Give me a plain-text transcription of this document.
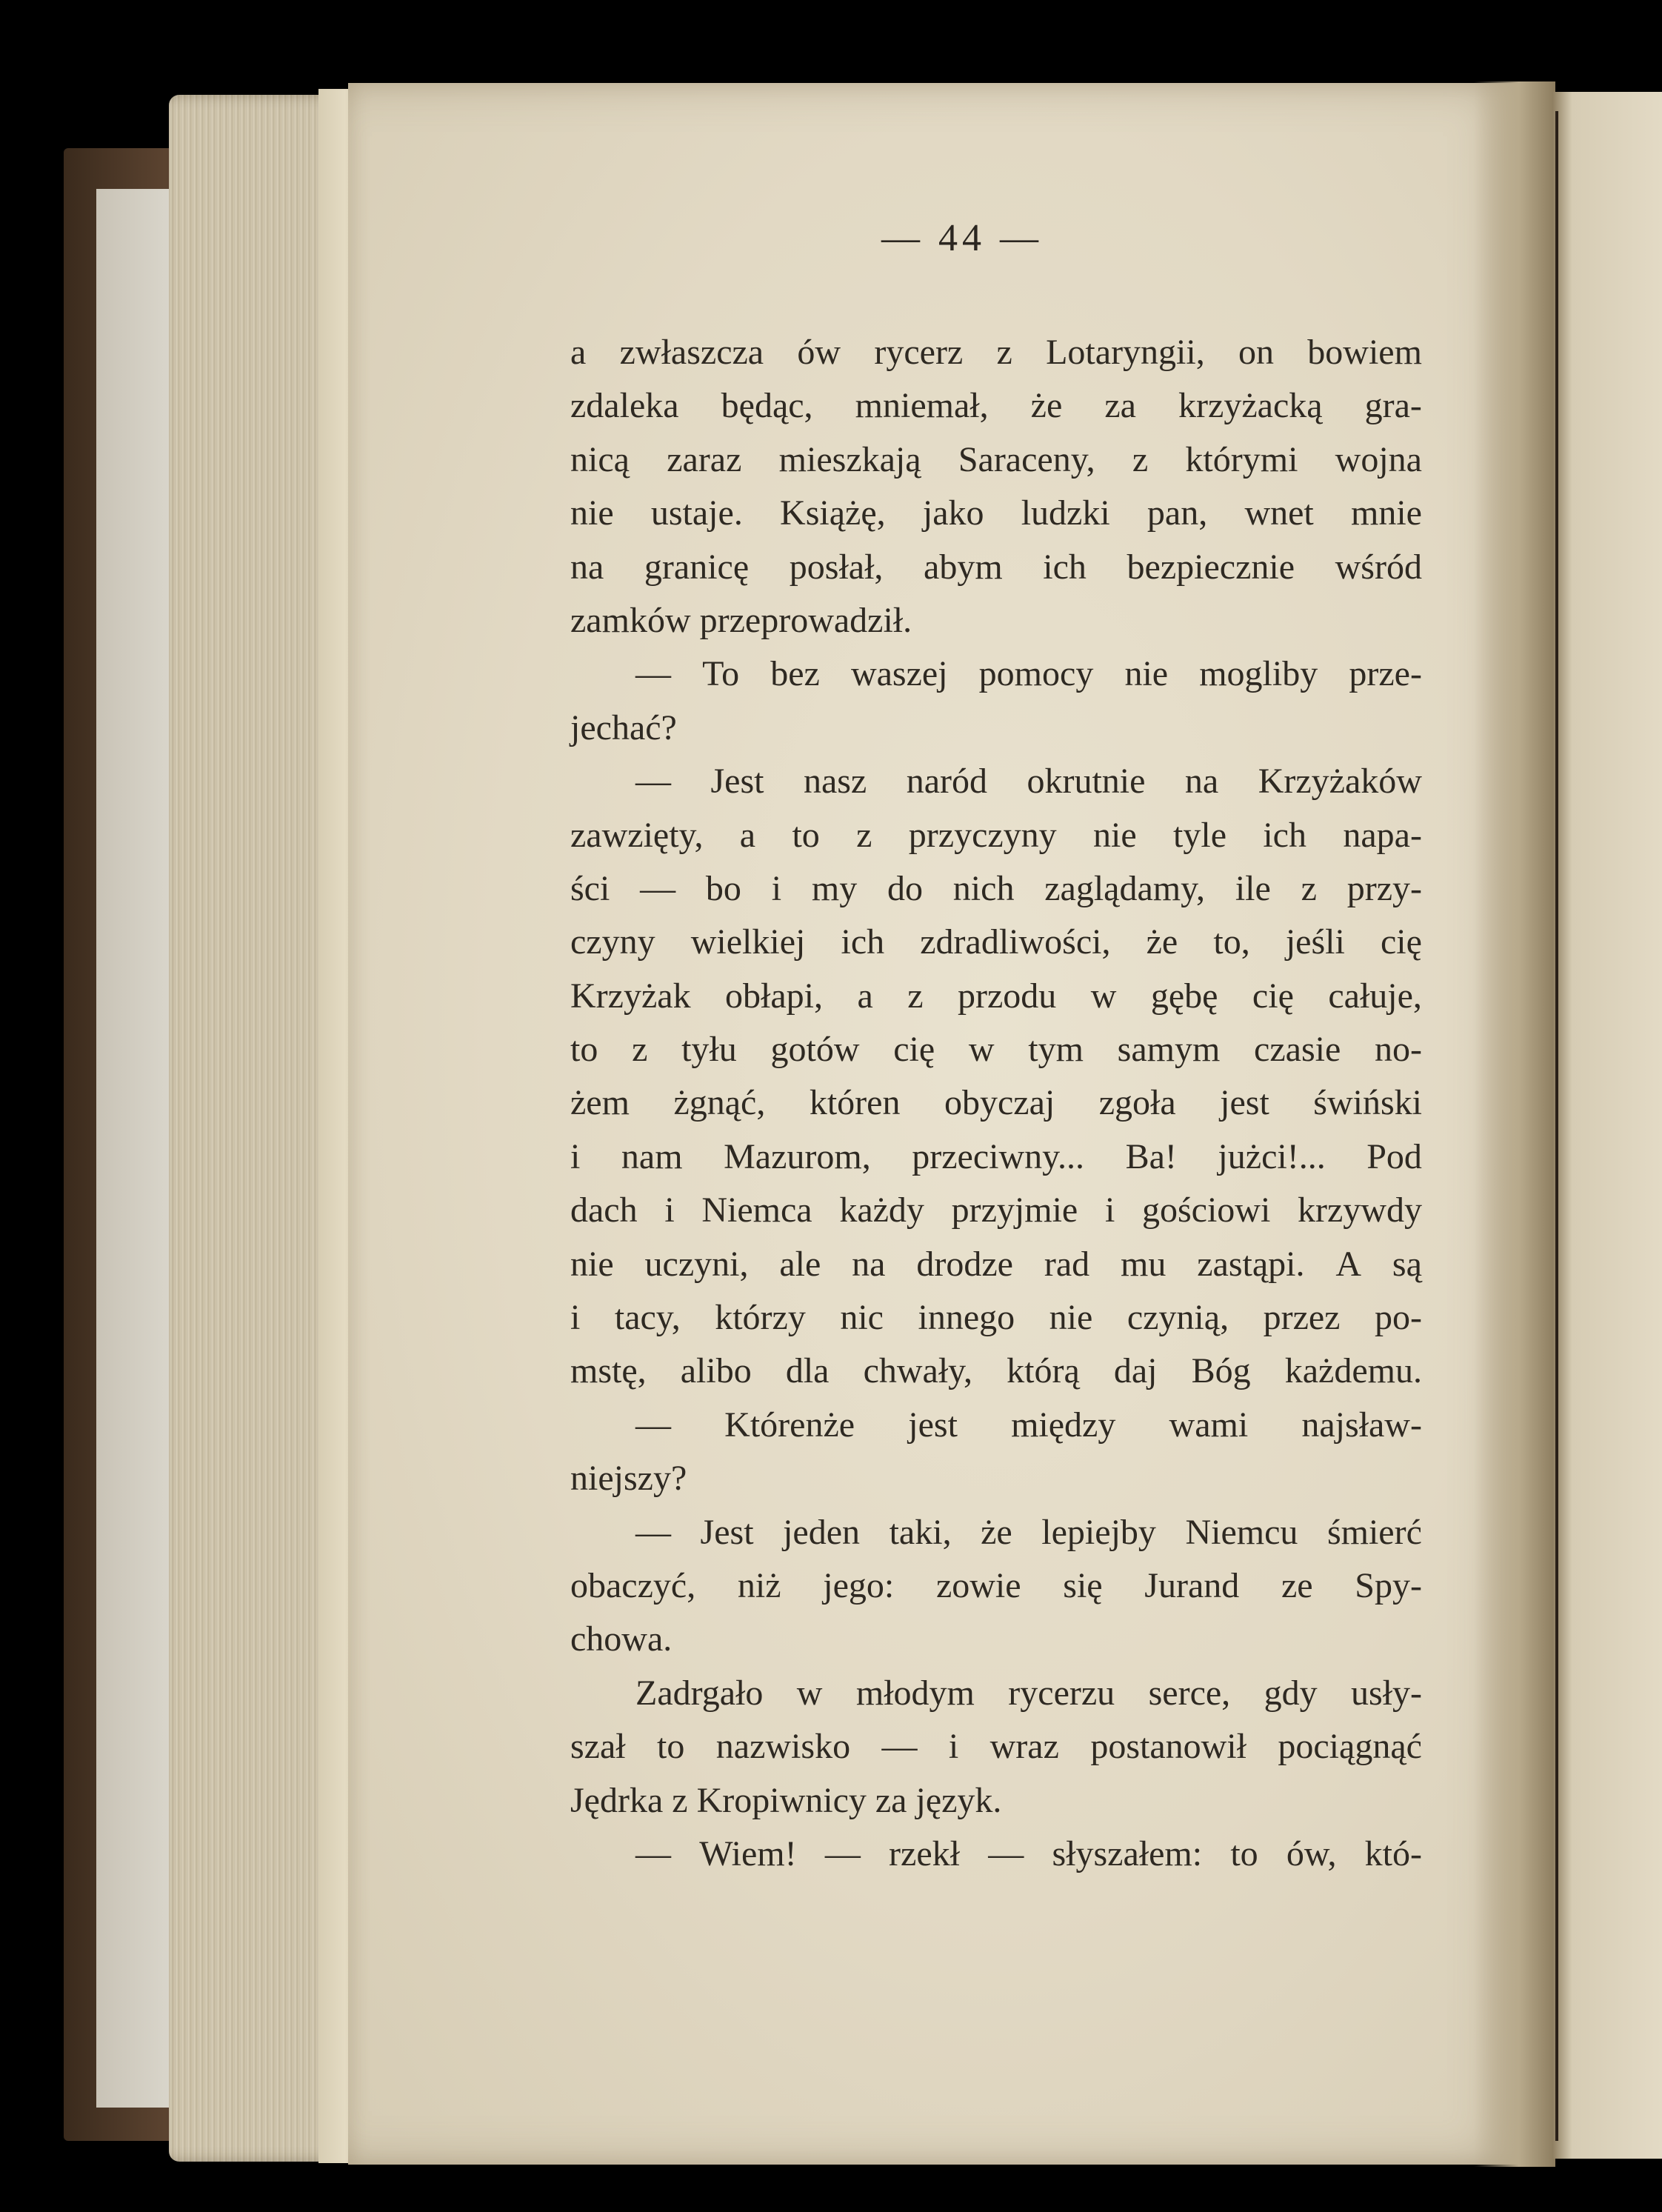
— 44 —
a zwłaszcza ów rycerz z Lotaryngii, on bowiem
zdaleka będąc, mniemał, że za krzyżacką gra-
nicą zaraz mieszkają Saraceny, z którymi wojna
nie ustaje. Książę, jako ludzki pan, wnet mnie
na granicę posłał, abym ich bezpiecznie wśród
zamków przeprowadził.
— To bez waszej pomocy nie mogliby prze-
jechać?
— Jest nasz naród okrutnie na Krzyżaków
zawzięty, a to z przyczyny nie tyle ich napa-
ści — bo i my do nich zaglądamy, ile z przy-
czyny wielkiej ich zdradliwości, że to, jeśli cię
Krzyżak obłapi, a z przodu w gębę cię całuje,
to z tyłu gotów cię w tym samym czasie no-
żem żgnąć, któren obyczaj zgoła jest świński
i nam Mazurom, przeciwny... Ba! jużci!... Pod
dach i Niemca każdy przyjmie i gościowi krzywdy
nie uczyni, ale na drodze rad mu zastąpi. A są
i tacy, którzy nic innego nie czynią, przez po-
mstę, alibo dla chwały, którą daj Bóg każdemu.
— Którenże jest między wami najsław-
niejszy?
— Jest jeden taki, że lepiejby Niemcu śmierć
obaczyć, niż jego: zowie się Jurand ze Spy-
chowa.
Zadrgało w młodym rycerzu serce, gdy usły-
szał to nazwisko — i wraz postanowił pociągnąć
Jędrka z Kropiwnicy za język.
— Wiem! — rzekł — słyszałem: to ów, któ-
